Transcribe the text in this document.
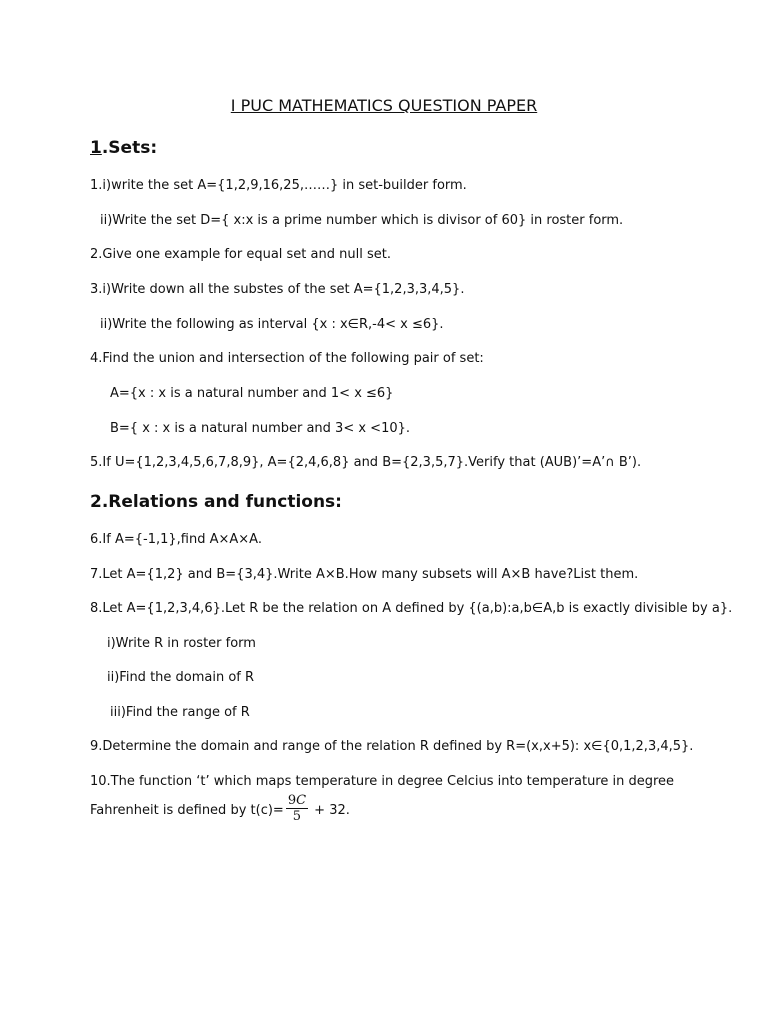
I PUC MATHEMATICS QUESTION PAPER
1.Sets:
1.i)write the set A={1,2,9,16,25,……} in set-builder form.
ii)Write the set D={ x:x is a prime number which is divisor of 60} in roster form.
2.Give one example for equal set and null set.
3.i)Write down all the substes of the set A={1,2,3,3,4,5}.
ii)Write the following as interval {x : x∈R,-4< x ≤6}.
4.Find the union and intersection of the following pair of set:
A={x : x is a natural number and 1< x ≤6}
B={ x : x is a natural number and 3< x <10}.
5.If U={1,2,3,4,5,6,7,8,9}, A={2,4,6,8} and B={2,3,5,7}.Verify that (AUB)’=A’∩ B’).
2.Relations and functions:
6.If A={-1,1},find A×A×A.
7.Let A={1,2} and B={3,4}.Write A×B.How many subsets will A×B have?List them.
8.Let A={1,2,3,4,6}.Let R be the relation on A defined by {(a,b):a,b∈A,b is exactly divisible by a}.
i)Write R in roster form
ii)Find the domain of R
iii)Find the range of R
9.Determine the domain and range of the relation R defined by R=(x,x+5): x∈{0,1,2,3,4,5}.
10.The function ‘t’ which maps temperature in degree Celcius into temperature in degree
Fahrenheit is defined by $t(c)= \frac{9C}{5} + 32$.
